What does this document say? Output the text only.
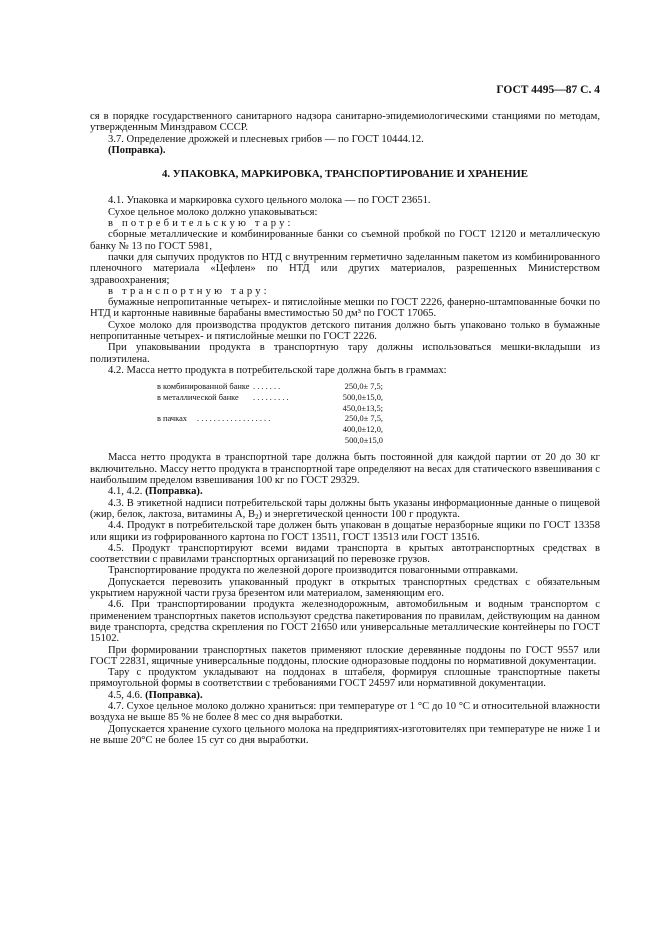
ГОСТ 4495—87 С. 4

ся в порядке государственного санитарного надзора санитарно-эпидемиологическими станциями по методам, утвержденным Минздравом СССР.

3.7. Определение дрожжей и плесневых грибов — по ГОСТ 10444.12.

(Поправка).

4. УПАКОВКА, МАРКИРОВКА, ТРАНСПОРТИРОВАНИЕ И ХРАНЕНИЕ

4.1. Упаковка и маркировка сухого цельного молока — по ГОСТ 23651.

Сухое цельное молоко должно упаковываться:

в потребительскую тару:

сборные металлические и комбинированные банки со съемной пробкой по ГОСТ 12120 и металлическую банку № 13 по ГОСТ 5981,

пачки для сыпучих продуктов по НТД с внутренним герметично заделанным пакетом из комбинированного пленочного материала «Цефлен» по НТД или других материалов, разрешенных Министерством здравоохранения;

в транспортную тару:

бумажные непропитанные четырех- и пятислойные мешки по ГОСТ 2226, фанерно-штампованные бочки по НТД и картонные навивные барабаны вместимостью 50 дм³ по ГОСТ 17065.

Сухое молоко для производства продуктов детского питания должно быть упаковано только в бумажные непропитанные четырех- и пятислойные мешки по ГОСТ 2226.

При упаковывании продукта в транспортную тару должны использоваться мешки-вкладыши из полиэтилена.

4.2. Масса нетто продукта в потребительской таре должна быть в граммах:

в комбинированной банке . . . . . . .	250,0± 7,5;
в металлической банке	. . . . . . . . .	500,0±15,0,
450,0±13,5;
в пачках	. . . . . . . . . . . . . . . . . .	250,0± 7,5,
400,0±12,0,
500,0±15,0

Масса нетто продукта в транспортной таре должна быть постоянной для каждой партии от 20 до 30 кг включительно. Массу нетто продукта в транспортной таре определяют на весах для статического взвешивания с наибольшим пределом взвешивания 100 кг по ГОСТ 29329.

4.1, 4.2. (Поправка).

4.3. В этикетной надписи потребительской тары должны быть указаны информационные данные о пищевой (жир, белок, лактоза, витамины А, $В_2$) и энергетической ценности 100 г продукта.

4.4. Продукт в потребительской таре должен быть упакован в дощатые неразборные ящики по ГОСТ 13358 или ящики из гофрированного картона по ГОСТ 13511, ГОСТ 13513 или ГОСТ 13516.

4.5. Продукт транспортируют всеми видами транспорта в крытых автотранспортных средствах в соответствии с правилами транспортных организаций по перевозке грузов.

Транспортирование продукта по железной дороге производится повагонными отправками.

Допускается перевозить упакованный продукт в открытых транспортных средствах с обязательным укрытием наружной части груза брезентом или материалом, заменяющим его.

4.6. При транспортировании продукта железнодорожным, автомобильным и водным транспортом с применением транспортных пакетов используют средства пакетирования по правилам, действующим на данном виде транспорта, средства скрепления по ГОСТ 21650 или универсальные металлические контейнеры по ГОСТ 15102.

При формировании транспортных пакетов применяют плоские деревянные поддоны по ГОСТ 9557 или ГОСТ 22831, ящичные универсальные поддоны, плоские одноразовые поддоны по нормативной документации.

Тару с продуктом укладывают на поддонах в штабеля, формируя сплошные транспортные пакеты прямоугольной формы в соответствии с требованиями ГОСТ 24597 или нормативной документации.

4.5, 4.6. (Поправка).

4.7. Сухое цельное молоко должно храниться: при температуре от 1 °С до 10 °С и относительной влажности воздуха не выше 85 % не более 8 мес со дня выработки.

Допускается хранение сухого цельного молока на предприятиях-изготовителях при температуре не ниже 1 и не выше 20°С не более 15 сут со дня выработки.
